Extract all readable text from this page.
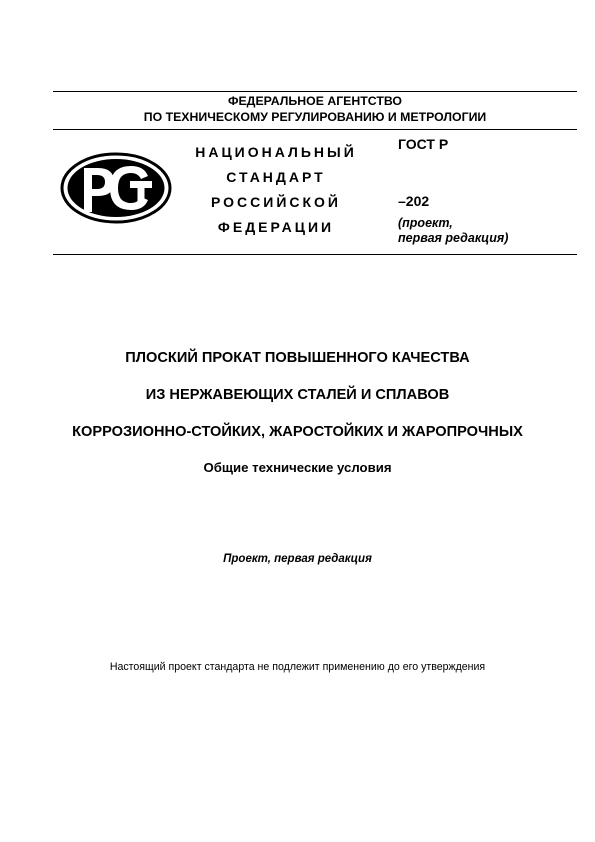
ФЕДЕРАЛЬНОЕ АГЕНТСТВО
ПО ТЕХНИЧЕСКОМУ РЕГУЛИРОВАНИЮ И МЕТРОЛОГИИ
НАЦИОНАЛЬНЫЙ
СТАНДАРТ
РОССИЙСКОЙ
ФЕДЕРАЦИИ
ГОСТ Р
–202
(проект,
первая редакция)
ПЛОСКИЙ ПРОКАТ ПОВЫШЕННОГО КАЧЕСТВА
ИЗ НЕРЖАВЕЮЩИХ СТАЛЕЙ И СПЛАВОВ
КОРРОЗИОННО-СТОЙКИХ, ЖАРОСТОЙКИХ И ЖАРОПРОЧНЫХ
Общие технические условия
Проект, первая редакция
Настоящий проект стандарта не подлежит применению до его утверждения
